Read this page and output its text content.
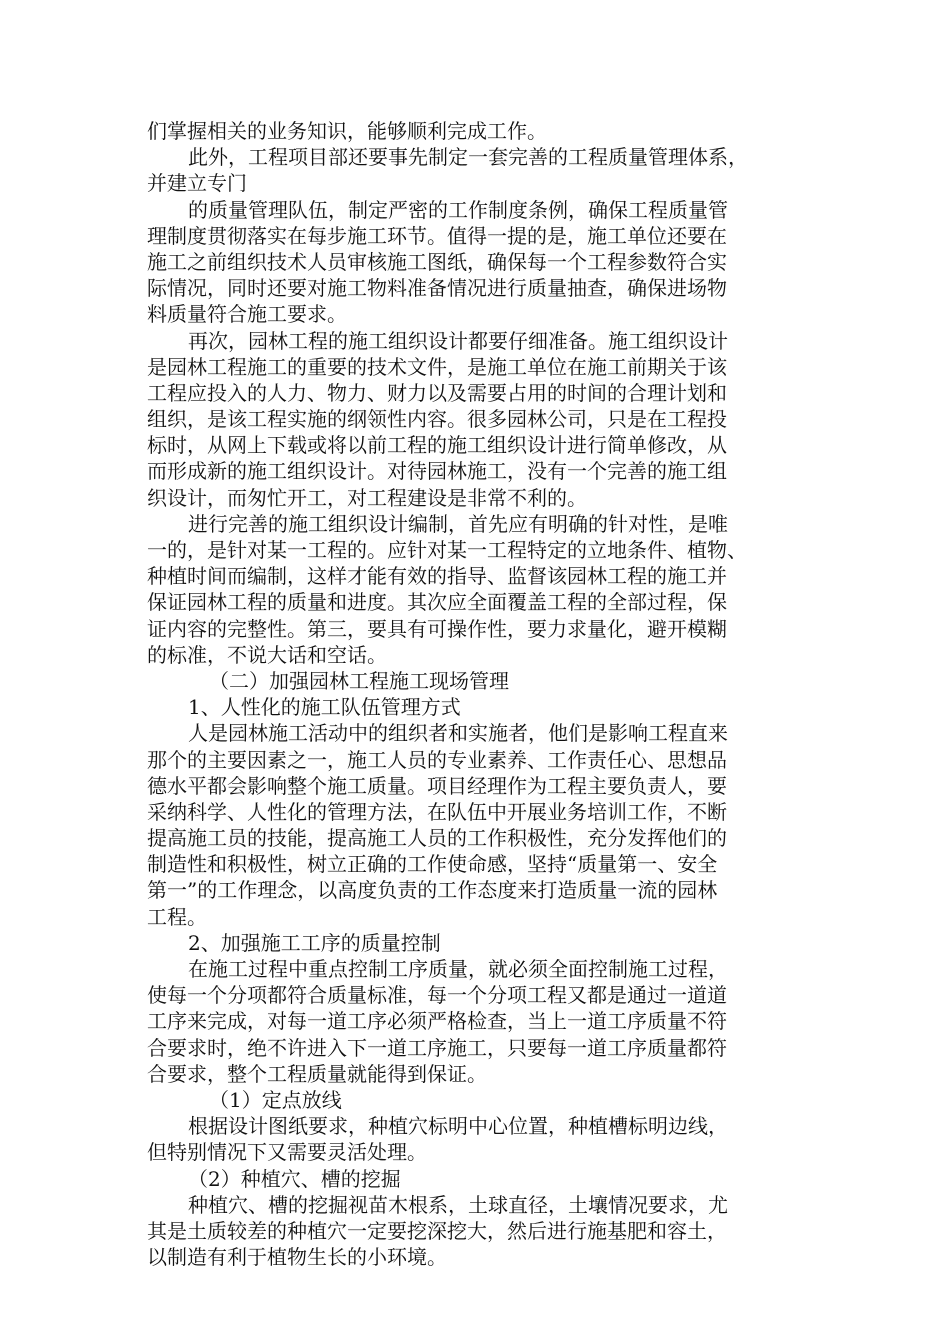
们掌握相关的业务知识，能够顺利完成工作。
此外，工程项目部还要事先制定一套完善的工程质量管理体系，
并建立专门
的质量管理队伍，制定严密的工作制度条例，确保工程质量管
理制度贯彻落实在每步施工环节。值得一提的是，施工单位还要在
施工之前组织技术人员审核施工图纸，确保每一个工程参数符合实
际情况，同时还要对施工物料准备情况进行质量抽查，确保进场物
料质量符合施工要求。
再次，园林工程的施工组织设计都要仔细准备。施工组织设计
是园林工程施工的重要的技术文件，是施工单位在施工前期关于该
工程应投入的人力、物力、财力以及需要占用的时间的合理计划和
组织，是该工程实施的纲领性内容。很多园林公司，只是在工程投
标时，从网上下载或将以前工程的施工组织设计进行简单修改，从
而形成新的施工组织设计。对待园林施工，没有一个完善的施工组
织设计，而匆忙开工，对工程建设是非常不利的。
进行完善的施工组织设计编制，首先应有明确的针对性，是唯
一的，是针对某一工程的。应针对某一工程特定的立地条件、植物、
种植时间而编制，这样才能有效的指导、监督该园林工程的施工并
保证园林工程的质量和进度。其次应全面覆盖工程的全部过程，保
证内容的完整性。第三，要具有可操作性，要力求量化，避开模糊
的标准，不说大话和空话。
（二）加强园林工程施工现场管理
1、人性化的施工队伍管理方式
人是园林施工活动中的组织者和实施者，他们是影响工程直来
那个的主要因素之一，施工人员的专业素养、工作责任心、思想品
德水平都会影响整个施工质量。项目经理作为工程主要负责人，要
采纳科学、人性化的管理方法，在队伍中开展业务培训工作，不断
提高施工员的技能，提高施工人员的工作积极性，充分发挥他们的
制造性和积极性，树立正确的工作使命感，坚持“质量第一、安全
第一”的工作理念，以高度负责的工作态度来打造质量一流的园林
工程。
2、加强施工工序的质量控制
在施工过程中重点控制工序质量，就必须全面控制施工过程，
使每一个分项都符合质量标准，每一个分项工程又都是通过一道道
工序来完成，对每一道工序必须严格检查，当上一道工序质量不符
合要求时，绝不许进入下一道工序施工，只要每一道工序质量都符
合要求，整个工程质量就能得到保证。
（1）定点放线
根据设计图纸要求，种植穴标明中心位置，种植槽标明边线，
但特别情况下又需要灵活处理。
（2）种植穴、槽的挖掘
种植穴、槽的挖掘视苗木根系，土球直径，土壤情况要求，尤
其是土质较差的种植穴一定要挖深挖大，然后进行施基肥和容土，
以制造有利于植物生长的小环境。
